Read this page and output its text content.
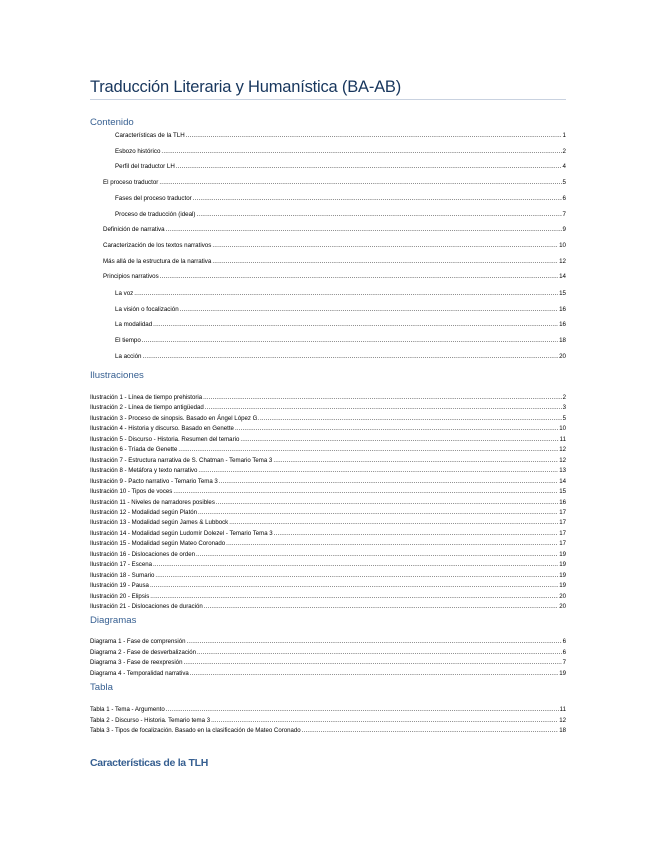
Traducción Literaria y Humanística (BA-AB)
Contenido
Características de la TLH .....	1
Esbozo histórico .....	2
Perfil del traductor LH .....	4
El proceso traductor .....	5
Fases del proceso traductor .....	6
Proceso de traducción (ideal) .....	7
Definición de narrativa .....	9
Caracterización de los textos narrativos .....	10
Más allá de la estructura de la narrativa .....	12
Principios narrativos .....	14
La voz .....	15
La visión o focalización .....	16
La modalidad .....	16
El tiempo .....	18
La acción .....	20
Ilustraciones
Ilustración 1 - Línea de tiempo prehistoria .....	2
Ilustración 2 - Línea de tiempo antigüedad .....	3
Ilustración 3 - Proceso de sinopsis. Basado en Ángel López G. .....	5
Ilustración 4 - Historia y discurso. Basado en Genette .....	10
Ilustración 5 - Discurso - Historia. Resumen del temario .....	11
Ilustración 6 - Tríada de Genette .....	12
Ilustración 7 - Estructura narrativa de S. Chatman - Temario Tema 3 .....	12
Ilustración 8 - Metáfora y texto narrativo .....	13
Ilustración 9 - Pacto narrativo - Temario Tema 3 .....	14
Ilustración 10 - Tipos de voces .....	15
Ilustración 11 - Niveles de narradores posibles .....	16
Ilustración 12 - Modalidad según Platón .....	17
Ilustración 13 - Modalidad según James & Lubbock .....	17
Ilustración 14 - Modalidad según Ludomír Dolezel - Temario Tema 3 .....	17
Ilustración 15 - Modalidad según Mateo Coronado .....	17
Ilustración 16 - Dislocaciones de orden .....	19
Ilustración 17 - Escena .....	19
Ilustración 18 - Sumario .....	19
Ilustración 19 - Pausa .....	19
Ilustración 20 - Elipsis .....	20
Ilustración 21 - Dislocaciones de duración .....	20
Diagramas
Diagrama 1 - Fase de comprensión .....	6
Diagrama 2 - Fase de desverbalización .....	6
Diagrama 3 - Fase de reexpresión .....	7
Diagrama 4 - Temporalidad narrativa .....	19
Tabla
Tabla 1 - Tema - Argumento .....	11
Tabla 2 - Discurso - Historia. Temario tema 3 .....	12
Tabla 3 - Tipos de focalización. Basado en la clasificación de Mateo Coronado .....	18
Características de la TLH
